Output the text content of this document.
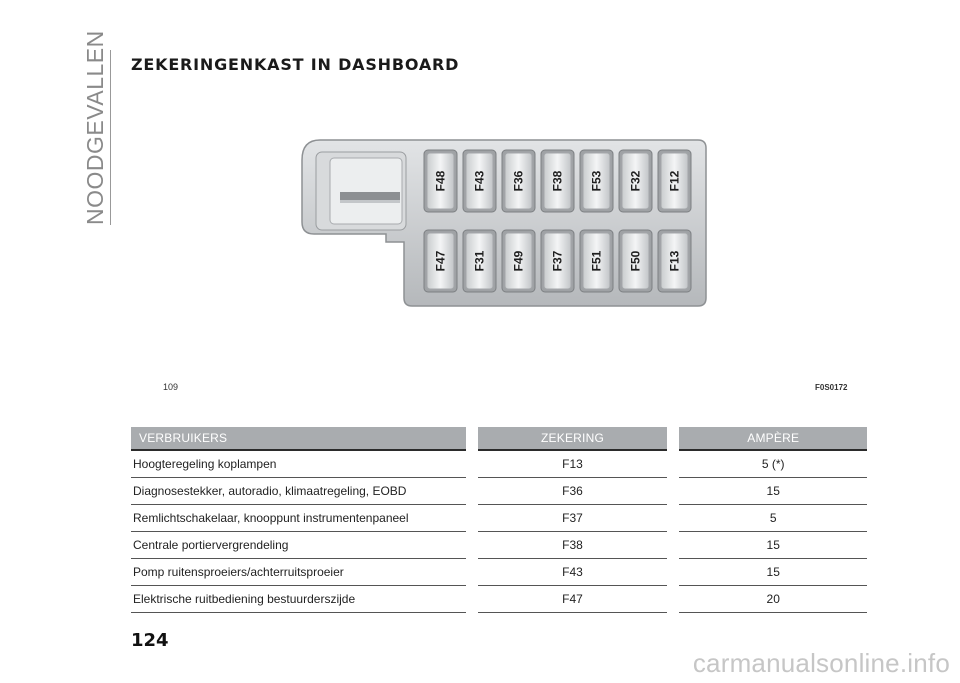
NOODGEVALLEN ZEKERINGENKAST IN DASHBOARD
F48 F43 F36 F38 F53 F32 F12
F47 F31 F49 F37 F51 F50 F13
109	F0S0172
VERBRUIKERS		ZEKERING		AMPÈRE
Hoogteregeling koplampen		F13		5 (*)
Diagnosestekker, autoradio, klimaatregeling, EOBD		F36		15
Remlichtschakelaar, knooppunt instrumentenpaneel		F37		5
Centrale portiervergrendeling		F38		15
Pomp ruitensproeiers/achterruitsproeier		F43		15
Elektrische ruitbediening bestuurderszijde		F47		20
124
carmanualsonline.info
